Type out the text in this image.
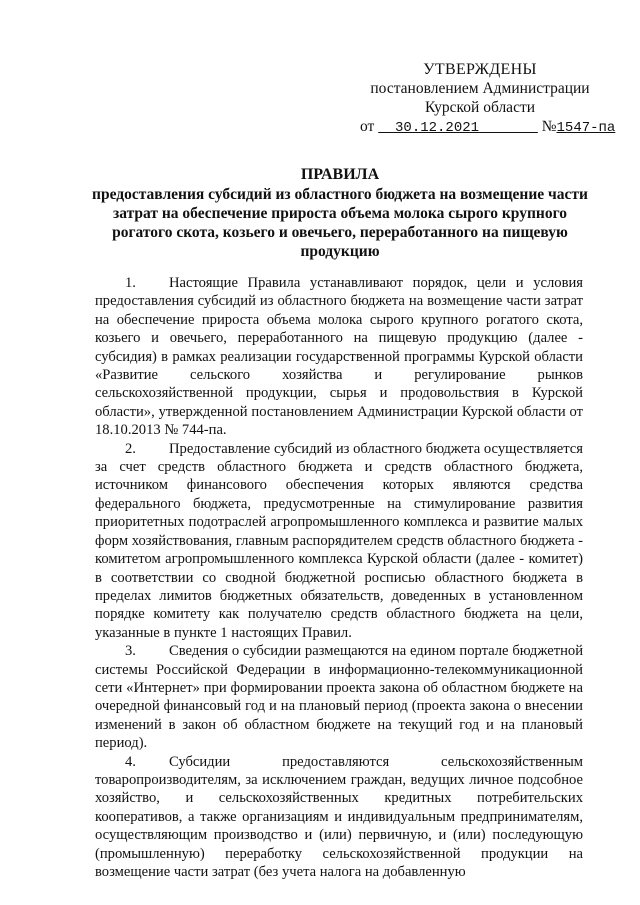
УТВЕРЖДЕНЫ
постановлением Администрации
Курской области
от 30.12.2021	№1547-па
ПРАВИЛА
предоставления субсидий из областного бюджета на возмещение части
затрат на обеспечение прироста объема молока сырого крупного
рогатого скота, козьего и овечьего, переработанного на пищевую
продукцию

1. Настоящие Правила устанавливают порядок, цели и условия предоставления субсидий из областного бюджета на возмещение части затрат на обеспечение прироста объема молока сырого крупного рогатого скота, козьего и овечьего, переработанного на пищевую продукцию (далее - субсидия) в рамках реализации государственной программы Курской области «Развитие сельского хозяйства и регулирование рынков сельскохозяйственной продукции, сырья и продовольствия в Курской области», утвержденной постановлением Администрации Курской области от 18.10.2013 № 744-па.

2. Предоставление субсидий из областного бюджета осуществляется за счет средств областного бюджета и средств областного бюджета, источником финансового обеспечения которых являются средства федерального бюджета, предусмотренные на стимулирование развития приоритетных подотраслей агропромышленного комплекса и развитие малых форм хозяйствования, главным распорядителем средств областного бюджета - комитетом агропромышленного комплекса Курской области (далее - комитет) в соответствии со сводной бюджетной росписью областного бюджета в пределах лимитов бюджетных обязательств, доведенных в установленном порядке комитету как получателю средств областного бюджета на цели, указанные в пункте 1 настоящих Правил.

3. Сведения о субсидии размещаются на едином портале бюджетной системы Российской Федерации в информационно-телекоммуникационной сети «Интернет» при формировании проекта закона об областном бюджете на очередной финансовый год и на плановый период (проекта закона о внесении изменений в закон об областном бюджете на текущий год и на плановый период).

4. Субсидии предоставляются сельскохозяйственным товаропроизводителям, за исключением граждан, ведущих личное подсобное хозяйство, и сельскохозяйственных кредитных потребительских кооперативов, а также организациям и индивидуальным предпринимателям, осуществляющим производство и (или) первичную, и (или) последующую (промышленную) переработку сельскохозяйственной продукции на возмещение части затрат (без учета налога на добавленную
